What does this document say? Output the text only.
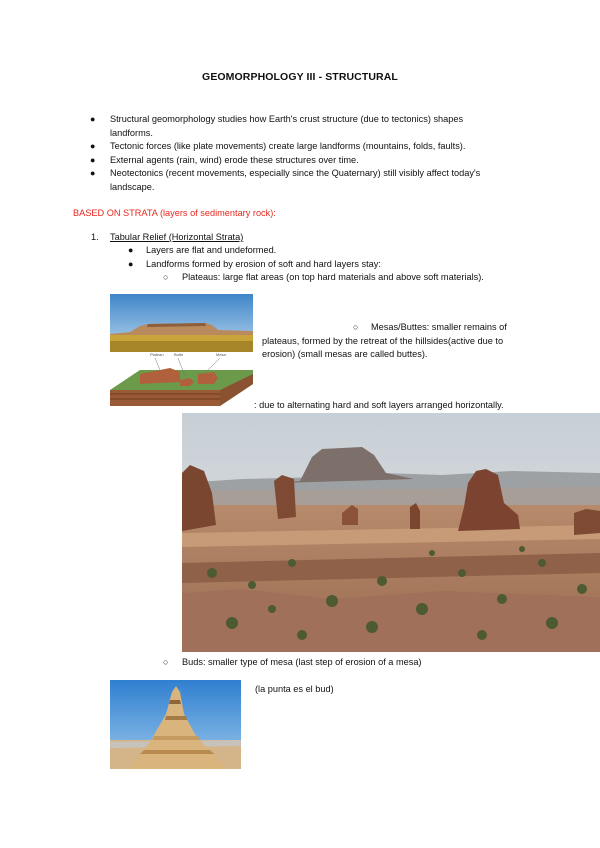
GEOMORPHOLOGY III - STRUCTURAL
● Structural geomorphology studies how Earth's crust structure (due to tectonics) shapes
landforms.
● Tectonic forces (like plate movements) create large landforms (mountains, folds, faults).
● External agents (rain, wind) erode these structures over time.
● Neotectonics (recent movements, especially since the Quaternary) still visibly affect today's
landscape.
BASED ON STRATA (layers of sedimentary rock):
1. Tabular Relief (Horizontal Strata)
● Layers are flat and undeformed.
● Landforms formed by erosion of soft and hard layers stay:
○ Plateaus: large flat areas (on top hard materials and above soft materials).
Plateau	Butte	Mesa
○ Mesas/Buttes: smaller remains of
plateaus, formed by the retreat of the hillsides(active due to
erosion) (small mesas are called buttes).
: due to alternating hard and soft layers arranged horizontally.
○ Buds: smaller type of mesa (last step of erosion of a mesa)
(la punta es el bud)
